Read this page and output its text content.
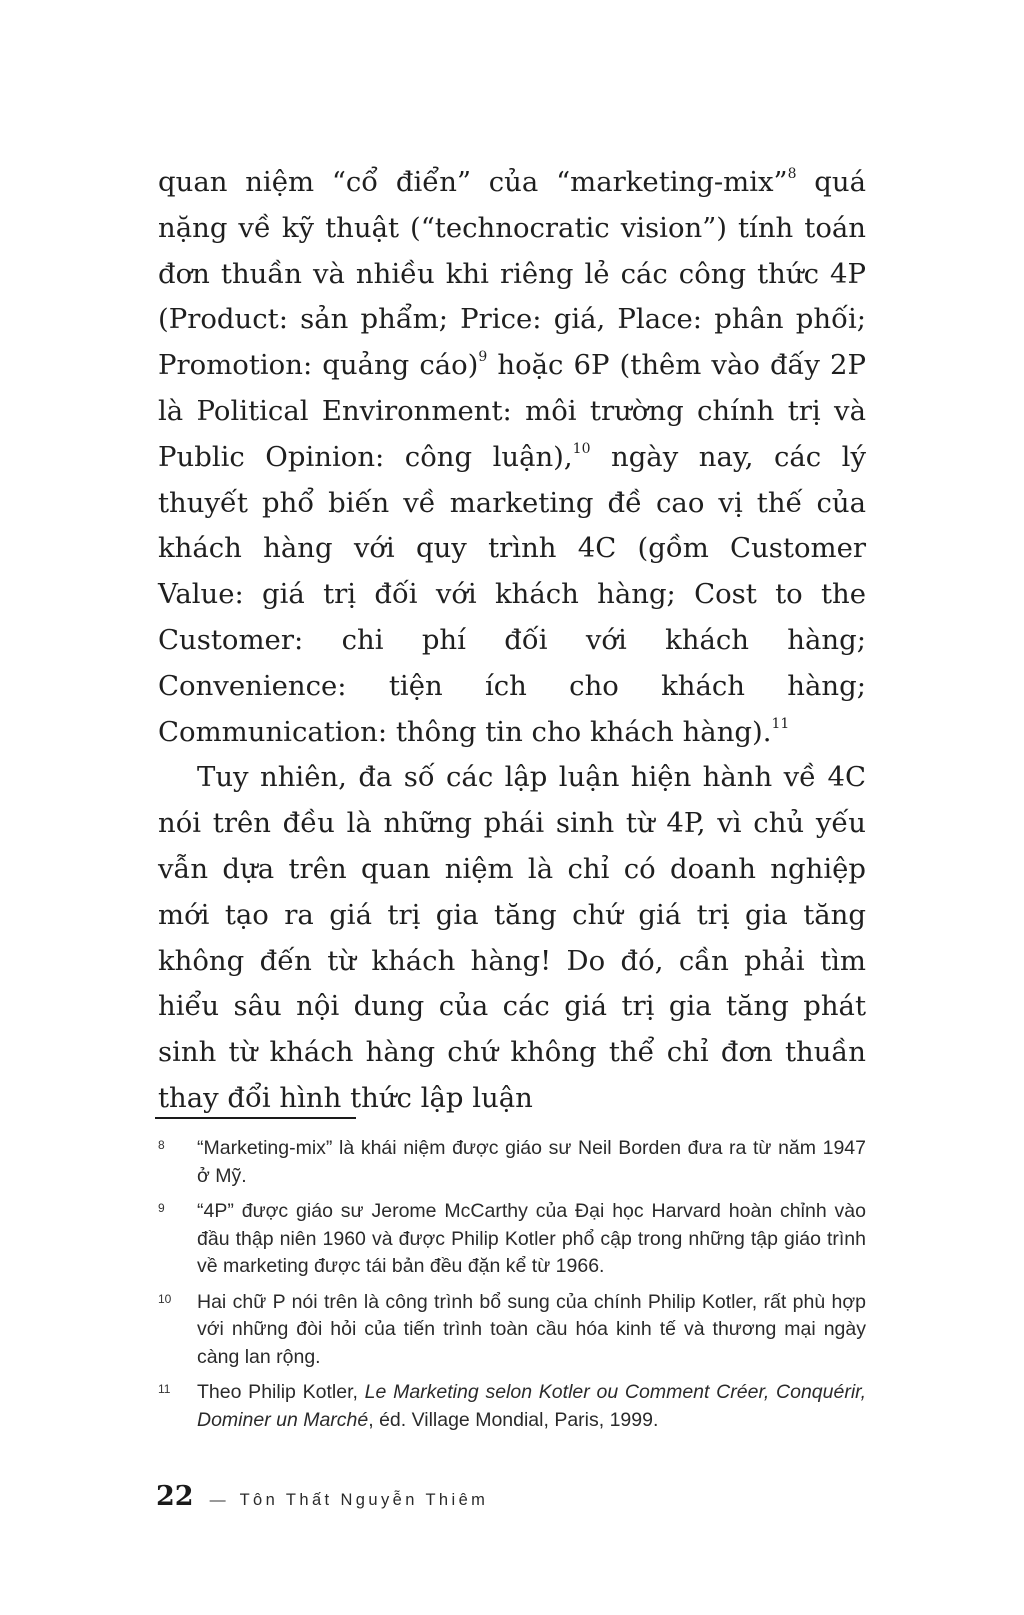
quan niệm “cổ điển” của “marketing-mix”$^8$ quá nặng về kỹ thuật (“technocratic vision”) tính toán đơn thuần và nhiều khi riêng lẻ các công thức 4P (Product: sản phẩm; Price: giá, Place: phân phối; Promotion: quảng cáo)$^9$ hoặc 6P (thêm vào đấy 2P là Political Environment: môi trường chính trị và Public Opinion: công luận),$^{10}$ ngày nay, các lý thuyết phổ biến về marketing đề cao vị thế của khách hàng với quy trình 4C (gồm Customer Value: giá trị đối với khách hàng; Cost to the Customer: chi phí đối với khách hàng; Convenience: tiện ích cho khách hàng; Communication: thông tin cho khách hàng).$^{11}$

Tuy nhiên, đa số các lập luận hiện hành về 4C nói trên đều là những phái sinh từ 4P, vì chủ yếu vẫn dựa trên quan niệm là chỉ có doanh nghiệp mới tạo ra giá trị gia tăng chứ giá trị gia tăng không đến từ khách hàng! Do đó, cần phải tìm hiểu sâu nội dung của các giá trị gia tăng phát sinh từ khách hàng chứ không thể chỉ đơn thuần thay đổi hình thức lập luận

8 “Marketing-mix” là khái niệm được giáo sư Neil Borden đưa ra từ năm 1947 ở Mỹ.
9 “4P” được giáo sư Jerome McCarthy của Đại học Harvard hoàn chỉnh vào đầu thập niên 1960 và được Philip Kotler phổ cập trong những tập giáo trình về marketing được tái bản đều đặn kể từ 1966.
10 Hai chữ P nói trên là công trình bổ sung của chính Philip Kotler, rất phù hợp với những đòi hỏi của tiến trình toàn cầu hóa kinh tế và thương mại ngày càng lan rộng.
11 Theo Philip Kotler, Le Marketing selon Kotler ou Comment Créer, Conquérir, Dominer un Marché, éd. Village Mondial, Paris, 1999.
22 — Tôn Thất Nguyễn Thiêm
